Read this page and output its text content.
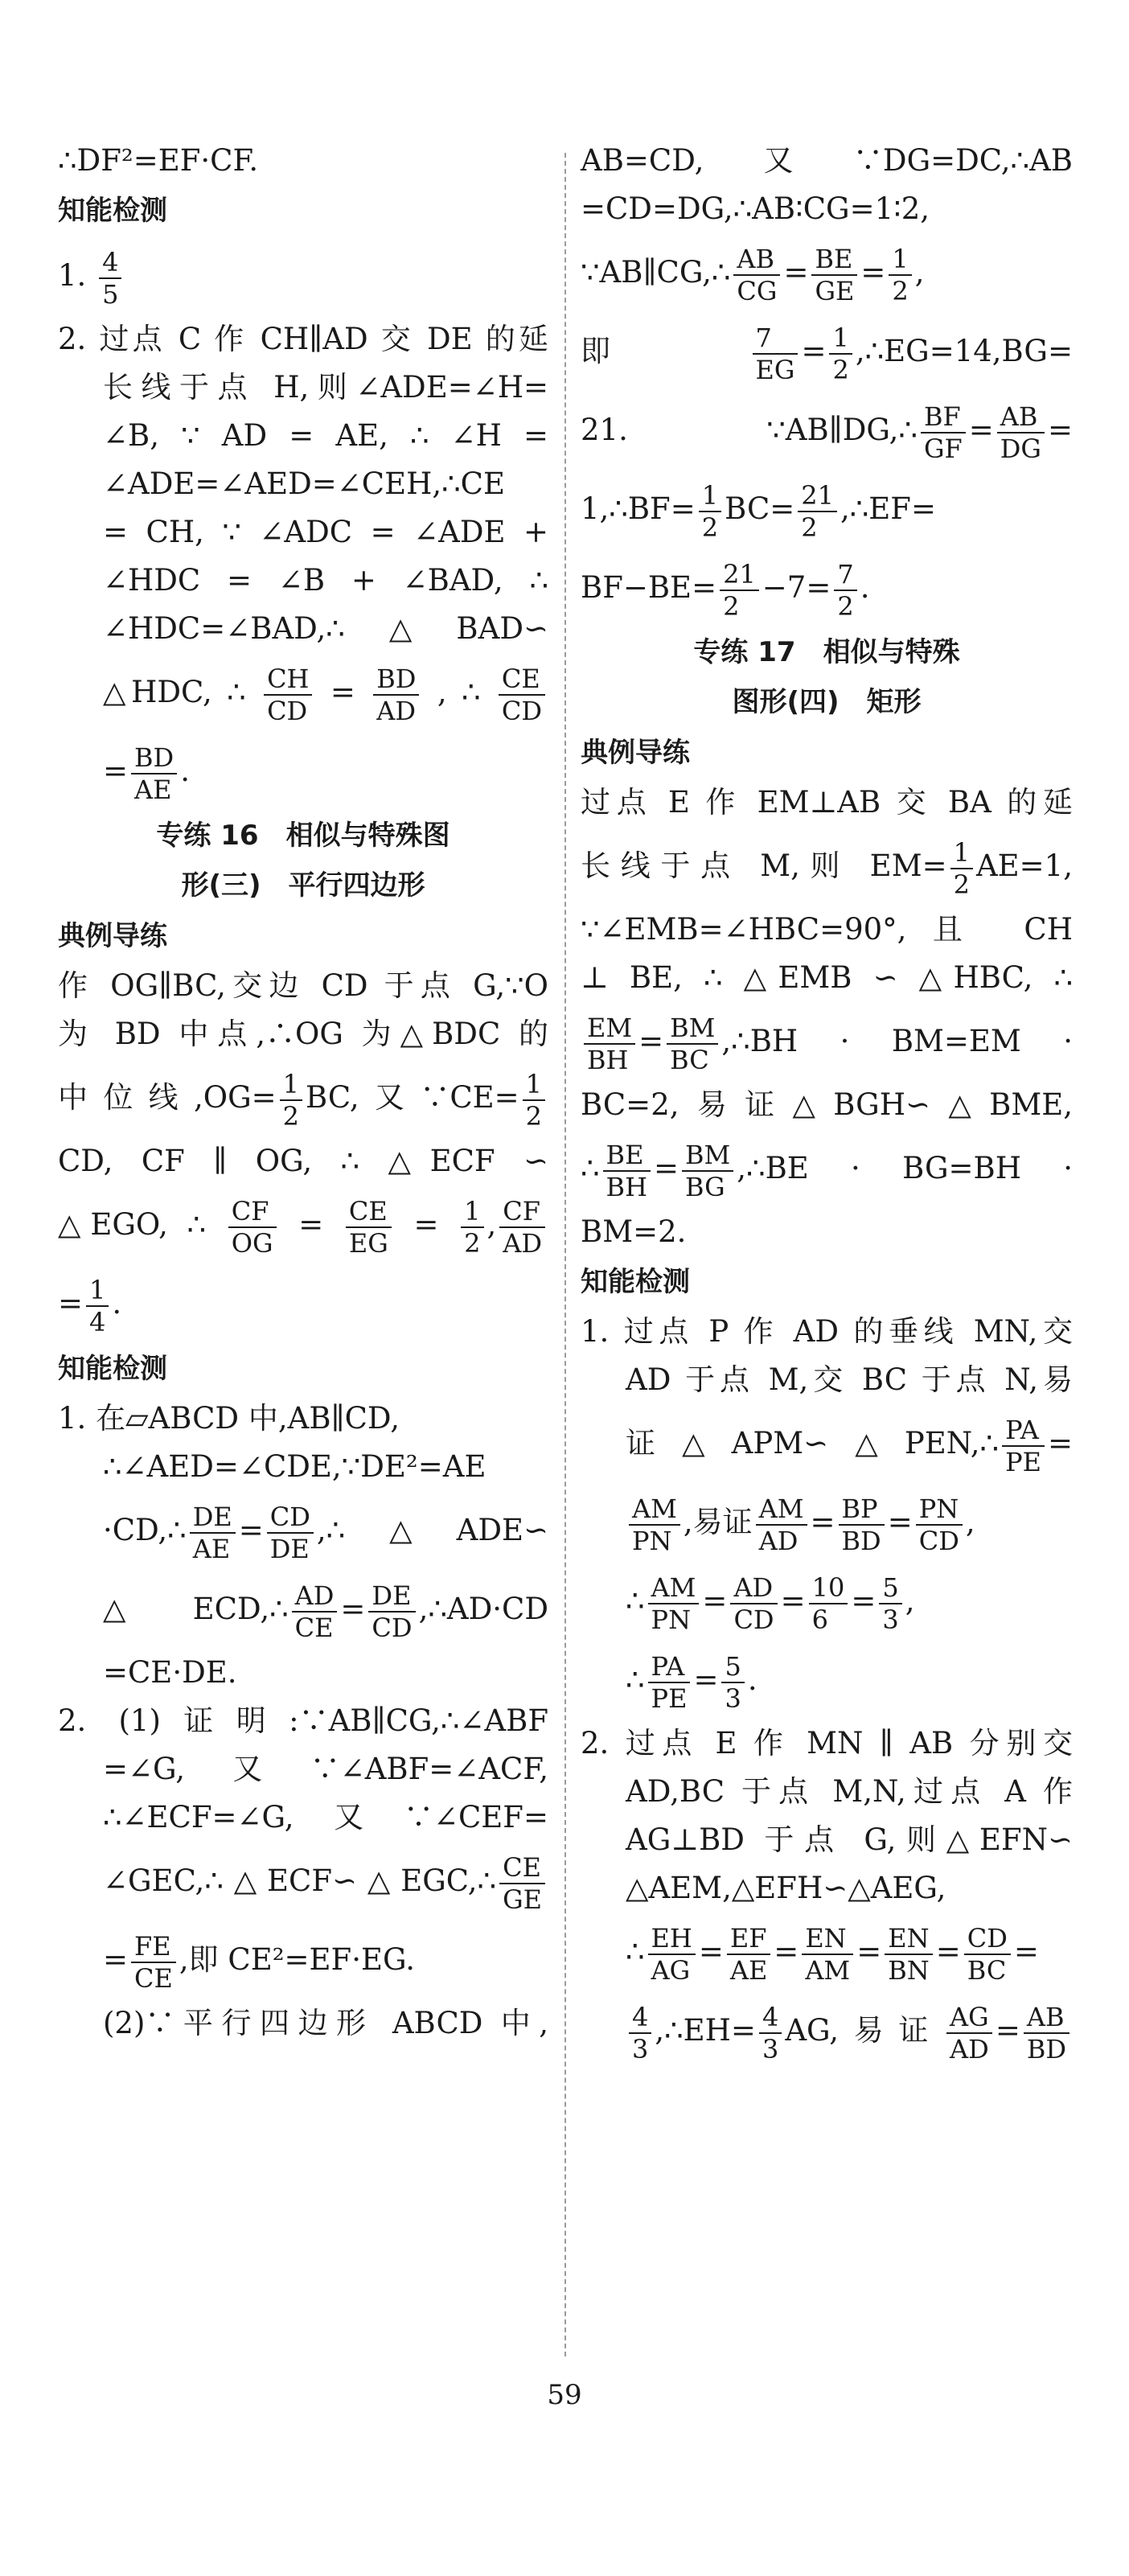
∴DF²=EF·CF.

知能检测

1. $\frac{4}{5}$

2. 过点 C 作 CH∥AD 交 DE 的延

长线于点 H,则∠ADE=∠H=

∠B, ∵ AD = AE, ∴ ∠H =

∠ADE=∠AED=∠CEH,∴CE

= CH, ∵ ∠ADC = ∠ADE +

∠HDC = ∠B + ∠BAD, ∴

∠HDC=∠BAD,∴△BAD∽

△HDC, ∴ $\frac{CH}{CD} = \frac{BD}{AD}$ , ∴ $\frac{CE}{CD}$

= $\frac{BD}{AE}$ .

专练 16　相似与特殊图

形(三)　平行四边形

典例导练

作 OG∥BC,交边 CD 于点 G,∵O

为 BD 中点,∴OG 为△BDC 的

中位线$,OG= \frac{1}{2}$ BC,又∵CE= $\frac{1}{2}$

CD, CF ∥ OG, ∴ △ECF ∽

△EGO, ∴ $\frac{CF}{OG} = \frac{CE}{EG} = \frac{1}{2}$ , $\frac{CF}{AD}$

= $\frac{1}{4}$ .

知能检测

1. 在▱ABCD 中,AB∥CD,

∴∠AED=∠CDE,∵DE²=AE

·CD,∴ $\frac{DE}{AE} = \frac{CD}{DE}$ ,∴△ADE∽

△ECD,∴ $\frac{AD}{CE} = \frac{DE}{CD}$ ,∴AD·CD

=CE·DE.

2. (1)证明:∵AB∥CG,∴∠ABF

=∠G,又∵∠ABF=∠ACF,

∴∠ECF=∠G,又∵∠CEF=

∠GEC,∴△ECF∽△EGC,∴ $\frac{CE}{GE}$

= $\frac{FE}{CE}$ ,即 CE²=EF·EG.

(2)∵平行四边形 ABCD 中,

AB=CD,又∵DG=DC,∴AB

=CD=DG,∴AB∶CG=1∶2,

∵AB∥CG,∴ $\frac{AB}{CG} = \frac{BE}{GE} = \frac{1}{2}$ ,

即 $\frac{7}{EG} = \frac{1}{2}$ ,∴EG=14,BG=

21. ∵AB∥DG,∴ $\frac{BF}{GF} = \frac{AB}{DG}$ =

1,∴BF= $\frac{1}{2} BC= \frac{21}{2}$ ,∴EF=

$BF-BE= \frac{21}{2} -7= \frac{7}{2}$ .

专练 17　相似与特殊

图形(四)　矩形

典例导练

过点 E 作 EM⊥AB 交 BA 的延

长线于点 M,则 $EM= \frac{1}{2} AE=1$,

∵∠EMB=∠HBC=90°,且 CH

⊥ BE, ∴ △EMB ∽ △HBC, ∴

$\frac{EM}{BH} = \frac{BM}{BC}$ ,∴BH · BM=EM ·

BC=2,易证△BGH∽△BME,

∴ $\frac{BE}{BH} = \frac{BM}{BG}$ ,∴BE · BG=BH ·

BM=2.

知能检测

1. 过点 P 作 AD 的垂线 MN,交

AD 于点 M,交 BC 于点 N,易

证△APM∽△PEN,∴ $\frac{PA}{PE}$ =

$\frac{AM}{PN}$ ,易证 $\frac{AM}{AD} = \frac{BP}{BD} = \frac{PN}{CD}$ ,

∴ $\frac{AM}{PN} = \frac{AD}{CD} = \frac{10}{6} = \frac{5}{3}$ ,

∴ $\frac{PA}{PE} = \frac{5}{3}$ .

2. 过点 E 作 MN ∥ AB 分别交

AD,BC 于点 M,N,过点 A 作

AG⊥BD 于点 G,则△EFN∽

△AEM,△EFH∽△AEG,

∴ $\frac{EH}{AG} = \frac{EF}{AE} = \frac{EN}{AM} = \frac{EN}{BN} = \frac{CD}{BC}$ =

$\frac{4}{3}$ ,∴EH= $\frac{4}{3}$ AG,易证 $\frac{AG}{AD} = \frac{AB}{BD}$

59
